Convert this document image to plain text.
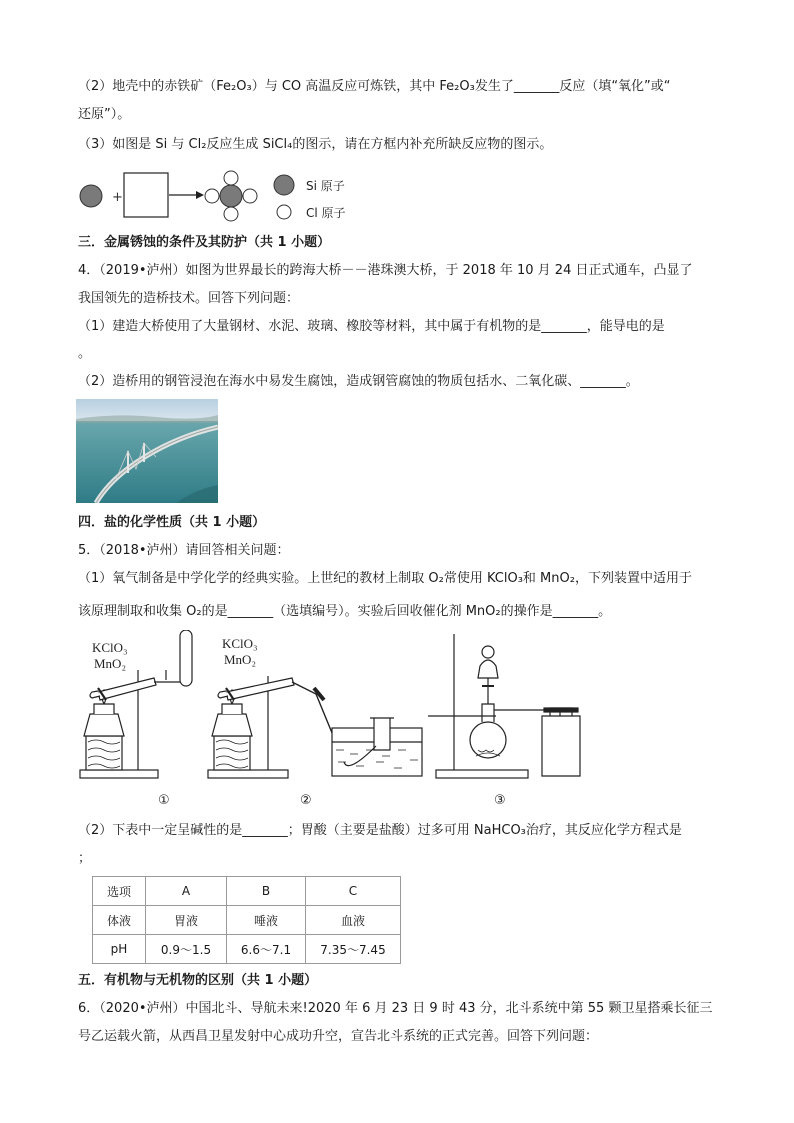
（2）地壳中的赤铁矿（Fe₂O₃）与 CO 高温反应可炼铁，其中 Fe₂O₃发生了_______反应（填“氧化”或“
还原”）。
（3）如图是 Si 与 Cl₂反应生成 SiCl₄的图示，请在方框内补充所缺反应物的图示。
+
Si 原子
Cl 原子
三．金属锈蚀的条件及其防护（共 1 小题）
4．（2019•泸州）如图为世界最长的跨海大桥－－港珠澳大桥，于 2018 年 10 月 24 日正式通车，凸显了
我国领先的造桥技术。回答下列问题：
（1）建造大桥使用了大量钢材、水泥、玻璃、橡胶等材料，其中属于有机物的是_______，能导电的是
。
（2）造桥用的钢管浸泡在海水中易发生腐蚀，造成钢管腐蚀的物质包括水、二氧化碳、_______。
四．盐的化学性质（共 1 小题）
5．（2018•泸州）请回答相关问题：
（1）氧气制备是中学化学的经典实验。上世纪的教材上制取 O₂常使用 KClO₃和 MnO₂，下列装置中适用于
该原理制取和收集 O₂的是_______（选填编号）。实验后回收催化剂 MnO₂的操作是_______。
KClO₃
MnO₂
①
KClO₃
MnO₂
②	③
（2）下表中一定呈碱性的是_______；胃酸（主要是盐酸）过多可用 NaHCO₃治疗，其反应化学方程式是
；
选项	A	B	C
体液	胃液	唾液	血液
pH	0.9～1.5	6.6～7.1	7.35～7.45
五．有机物与无机物的区别（共 1 小题）
6．（2020•泸州）中国北斗、导航未来!2020 年 6 月 23 日 9 时 43 分，北斗系统中第 55 颗卫星搭乘长征三
号乙运载火箭，从西昌卫星发射中心成功升空，宣告北斗系统的正式完善。回答下列问题：
